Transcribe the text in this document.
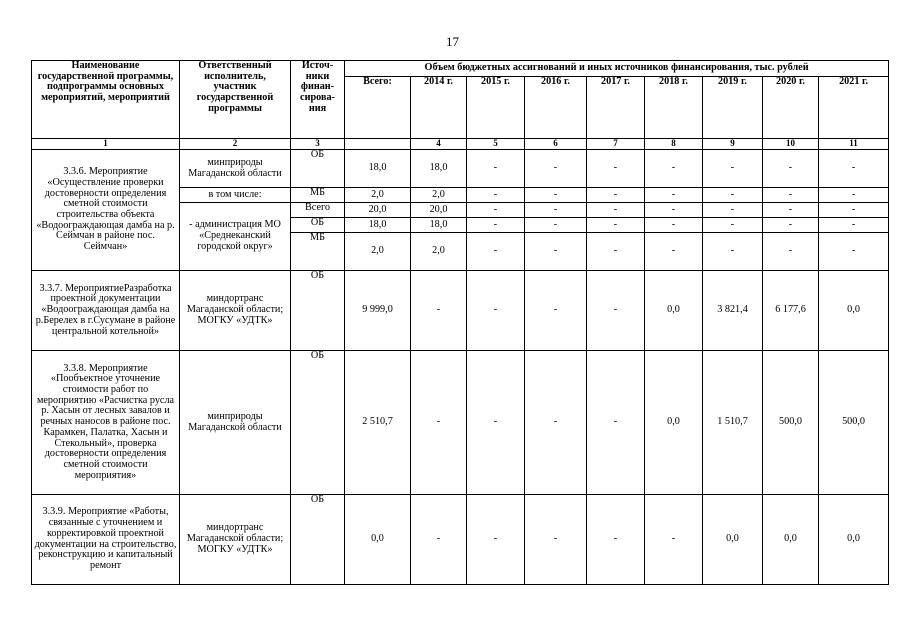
17
Наименование государственной программы, подпрограммы основных мероприятий, мероприятий	Ответственный исполнитель, участник государственной программы	Источ-ники финан-сирова-ния	Объем бюджетных ассигнований и иных источников финансирования, тыс. рублей								
			Всего:	2014 г.	2015 г.	2016 г.	2017 г.	2018 г.	2019 г.	2020 г.	2021 г.
1	2	3		4	5	6	7	8	9	10	11
3.3.6. Мероприятие «Осуществление проверки достоверности определения сметной стоимости строительства объекта «Водоограждающая дамба на р. Сеймчан в районе пос. Сеймчан»	минприроды Магаданской области	ОБ	18,0	18,0	-	-	-	-	-	-	-
	в том числе:	МБ	2,0	2,0	-	-	-	-	-	-	-
	- администрация МО «Среднеканский городской округ»	Всего	20,0	20,0	-	-	-	-	-	-	-
		ОБ	18,0	18,0	-	-	-	-	-	-	-
		МБ	2,0	2,0	-	-	-	-	-	-	-
3.3.7. МероприятиеРазработка проектной документации «Водоограждающая дамба на р.Берелех в г.Сусумане в районе центральной котельной»	миндортранс Магаданской области; МОГКУ «УДТК»	ОБ	9 999,0	-	-	-	-	0,0	3 821,4	6 177,6	0,0
3.3.8. Мероприятие «Пообъектное уточнение стоимости работ по мероприятию «Расчистка русла р. Хасын от лесных завалов и речных наносов в районе пос. Карамкен, Палатка, Хасын и Стекольный», проверка достоверности определения сметной стоимости мероприятия»	минприроды Магаданской области	ОБ	2 510,7	-	-	-	-	0,0	1 510,7	500,0	500,0
3.3.9. Мероприятие «Работы, связанные с уточнением и корректировкой проектной документации на строительство, реконструкцию и капитальный ремонт	миндортранс Магаданской области; МОГКУ «УДТК»	ОБ	0,0	-	-	-	-	-	0,0	0,0	0,0
